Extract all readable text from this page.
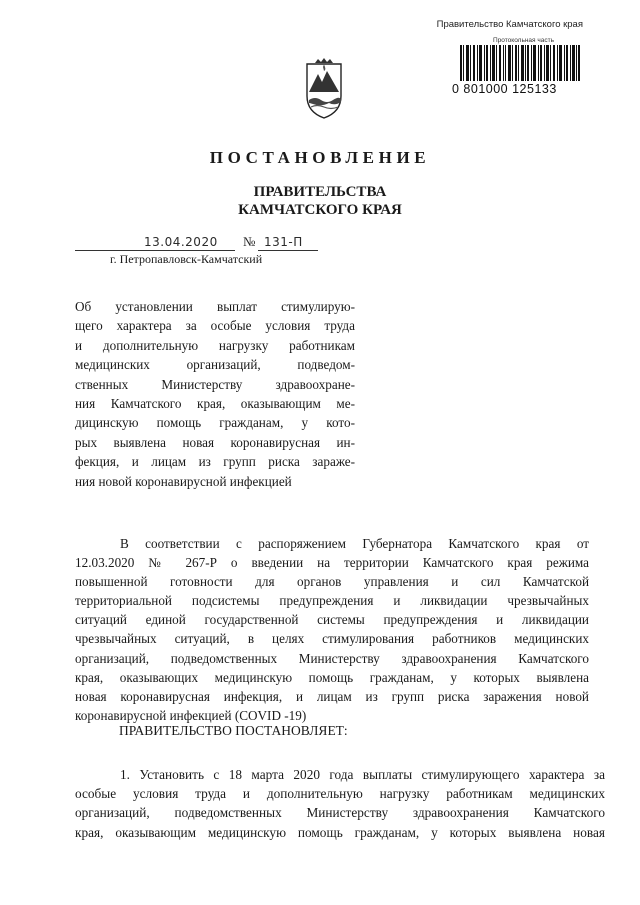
Правительство Камчатского края
Протокольная часть
0 801000 125133
ПОСТАНОВЛЕНИЕ
ПРАВИТЕЛЬСТВА
КАМЧАТСКОГО КРАЯ
13.04.2020 № 131-П
г. Петропавловск-Камчатский
Об установлении выплат стимулирую-
щего характера за особые условия труда
и дополнительную нагрузку работникам
медицинских организаций, подведом-
ственных Министерству здравоохране-
ния Камчатского края, оказывающим ме-
дицинскую помощь гражданам, у кото-
рых выявлена новая коронавирусная ин-
фекция, и лицам из групп риска зараже-
ния новой коронавирусной инфекцией
В соответствии с распоряжением Губернатора Камчатского края от
12.03.2020 № 267-Р о введении на территории Камчатского края режима
повышенной готовности для органов управления и сил Камчатской
территориальной подсистемы предупреждения и ликвидации чрезвычайных
ситуаций единой государственной системы предупреждения и ликвидации
чрезвычайных ситуаций, в целях стимулирования работников медицинских
организаций, подведомственных Министерству здравоохранения Камчатского
края, оказывающих медицинскую помощь гражданам, у которых выявлена
новая коронавирусная инфекция, и лицам из групп риска заражения новой
коронавирусной инфекцией (COVID -19)
ПРАВИТЕЛЬСТВО ПОСТАНОВЛЯЕТ:
1. Установить с 18 марта 2020 года выплаты стимулирующего характера за
особые условия труда и дополнительную нагрузку работникам медицинских
организаций, подведомственных Министерству здравоохранения Камчатского
края, оказывающим медицинскую помощь гражданам, у которых выявлена новая
